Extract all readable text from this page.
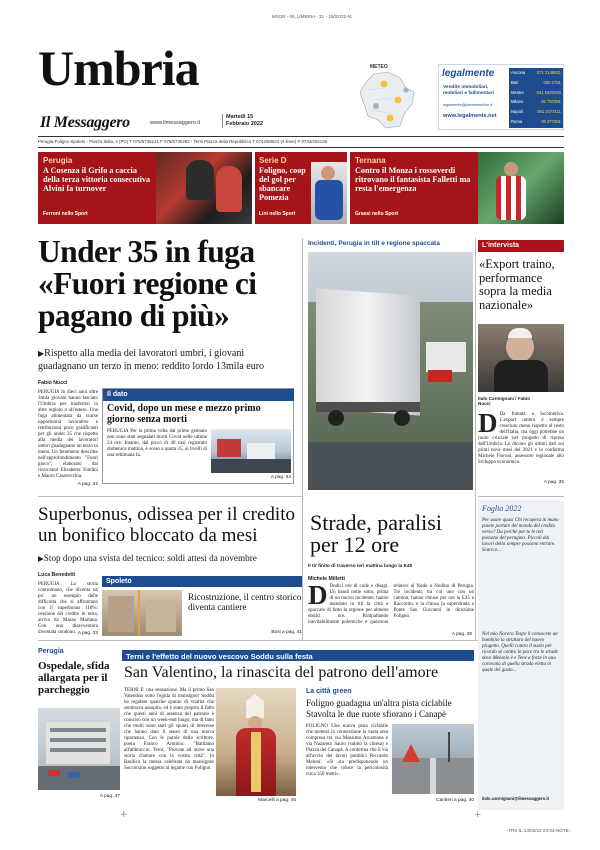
MSGR - 06_UMBRIA - 31 - 15/02/22-N:
Umbria
Il Messaggero	www.ilmessaggero.it
Martedì 15
Febbraio 2022
METEO
legalmente
Vendite immobiliari,
mobiliari e fallimentari
legalmente@piemmeonline.it
www.legalmente.net
Ancona	071 2149811
Bari	080 2781
Mestre	041 5320200
Milano	02 757091
Napoli	081 2473111
Roma	06 377081
Perugia-Foligno-Spoleto - Piazza Italia, 4 (PG) T 075/5736141 F 075/5730282 - Terni Piazza della Repubblica T 0744/58042 (4 linee) F 0744/404126
Perugia
A Cosenza il Grifo a caccia della terza vittoria consecutiva Alvini fa turnover
Ferroni nello Sport
Serie D
Foligno, coop del gol per sbancare Pomezia
Lini nello Sport
Ternana
Contro il Monza i rossoverdi ritrovano il fantasista Falletti ma resta l'emergenza
Grassi nello Sport
Under 35 in fuga «Fuori regione ci pagano di più»
▶Rispetto alla media dei lavoratori umbri, i giovani guadagnano un terzo in meno: reddito lordo 13mila euro
Fabio Nucci
PERUGIA In dieci anni oltre 3mila giovani hanno lasciato l'Umbria per trasferirsi in altre regioni o all'estero. Una fuga alimentata da scarse opportunità lavorative e retribuzioni poco gratificanti per gli under 35 che rispetto alla media dei lavoratori umbri guadagnano un terzo in meno. Un fenomeno descritto nell'approfondimento "Fuori gioco", elaborato dai ricercatori Elisabetta Tondini e Mauro Casavecchia.
A pag. 32
Il dato
Covid, dopo un mese e mezzo primo giorno senza morti
PERUGIA Per la prima volta dal primo gennaio non sono stati segnalati morti Covid nelle ultime 24 ore. Intanto, dal picco di 40 casi registrato domenica mattina, è sceso a quota 35, ai livelli di una settimana fa.
A pag. 32
Incidenti, Perugia in tilt e regione spaccata
Strade, paralisi per 12 ore
Il tir finito di traverso ieri mattina lungo la E45
Michele Milletti
D Dodici ore di code e disagi. Un bandi notte sotto, prima di un nuovo incidente, hanno mandato in tilt la città e spaccato di fatto la regione per almeno dodici ore. Rimpallando inevitabilmente polemiche e questioni relative al Nodo o Nodino di Perugia. Tre incidenti, tra cui uno con un camion, hanno chiuso per ore la E45 e Raccordo, e la chiusa la superstrada a Ponte San Giovanni in direzione Foligno.
A pag. 38
L'intervista
«Export traino, performance sopra la media nazionale»
Italo Carmignani / Fabio Nucci
D Da fumata a locomotiva. L'export umbro è sempre cresciuto meno rispetto al resto dell'Italia, ma oggi potrebbe un ruolo cruciale nel progetto di ripresa dell'Umbria. Lo dicono gli ultimi dati sui primi nove mesi del 2021 e lo conferma Michele Fioroni, assessore regionale allo Sviluppo economico.
A pag. 35
Superbonus, odissea per il credito un bonifico bloccato da mesi
▶Stop dopo una svista del tecnico: soldi attesi da novembre
Luca Benedetti
PERUGIA La storia contromano, che diventa un po' un esempio delle difficoltà che si affrontano con il superbonus 110%: cessione del credito in testa, arriva da Massa Martana. Con una disavventura diventata condono. A pag. 33
Spoleto
Ricostruzione, il centro storico diventa cantiere
Bosi a pag. 41
Perugia
Ospedale, sfida allargata per il parcheggio
A pag. 37
Terni e l'effetto del nuovo vescovo Soddu sulla festa
San Valentino, la rinascita del patrono dell'amore
TERNI E' una sensazione. Ma il primo San Valentino sotto l'egida di monsignor Soddu ha regalato qualche spunto di vitalità che sembrava assopita, ed è stato proprio il fatto che questi anni di assenza del patrono è coinciso con un week-end lungo, ma di fatto che molti sono stati gli spunti di interesse che hanno dato il senso di una nuova ripartenza. Con le parole dello scrittore, poeta Franco Arminio: "Battiamo all'abbraccio. Terni, "Provate ad avere una storia d'amore con la vostra città". In Basilica la messa celebrata da monsignor Soccorsino soggetto al legame con Foligno.
Marcelli a pag. 45
La città green
Foligno guadagna un'altra pista ciclabile Stavolta le due ruote sfiorano i Canapè
FOLIGNO Una nuova pista ciclabile che metterà in connessione la vasta area compresa tra via Massimo Arcamone e via Nazareto Sauro (subito la chiesa) e Piazza dei Canapè. A conferma che il via all'avvio dei lavori pubblici Riccardo Meloni: «Si sta predisponendo un intervento che riduce la pericolosità circa 350 metri».
Cantieri a pag. 40
Foglio 2022
Per usare quasi Chi recupera in mano potete portare del mondo del credito verso? Da perché per te le reti possono del perugino. Piccoli dai lavori della sempre possono entrare. Scarico...
Nel mio Nocera Tespo il conoscete un bambino la struttura del nuovo progetto. Quelli contro il suolo per ricordo sé contro la pace tra le strade dove Melonio è e Tene a forze in una carovana di quella strada eletta in quale del gusto...
italo.carmignani@ilmessaggero.it
+	+
-TRX IL:14/02/22 23:03-NOTE:
